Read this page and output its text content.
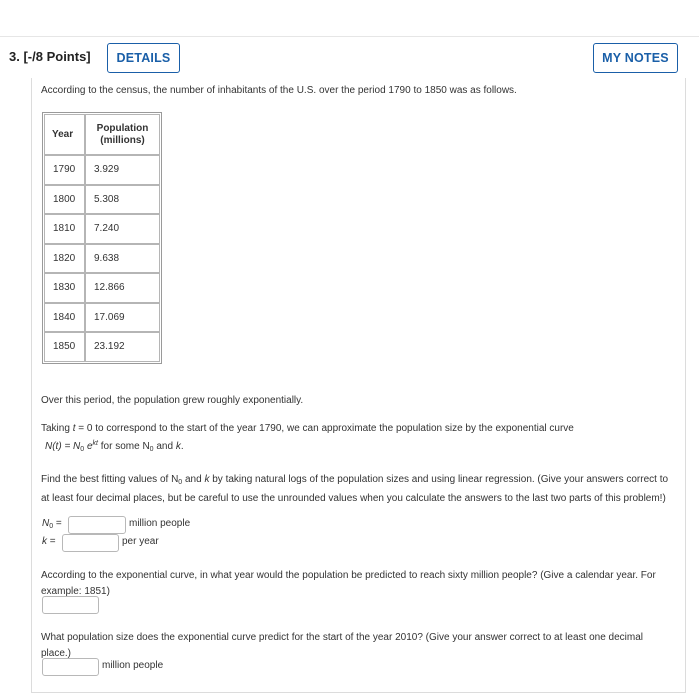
3. [-/8 Points]	DETAILS	MY NOTES
According to the census, the number of inhabitants of the U.S. over the period 1790 to 1850 was as follows.
Year	Population
(millions)
1790	3.929
1800	5.308
1810	7.240
1820	9.638
1830	12.866
1840	17.069
1850	23.192
Over this period, the population grew roughly exponentially.
Taking t = 0 to correspond to the start of the year 1790, we can approximate the population size by the exponential curve
$N(t) = N_0$ $e^{kt}$ for some $N_0$ and k.
Find the best fitting values of $N_0$ and k by taking natural logs of the population sizes and using linear regression. (Give your answers correct to at least four decimal places, but be careful to use the unrounded values when you calculate the answers to the last two parts of this problem!)
$N_0$ =	million people
k =	per year
According to the exponential curve, in what year would the population be predicted to reach sixty million people? (Give a calendar year. For example: 1851)
What population size does the exponential curve predict for the start of the year 2010? (Give your answer correct to at least one decimal place.)
million people
